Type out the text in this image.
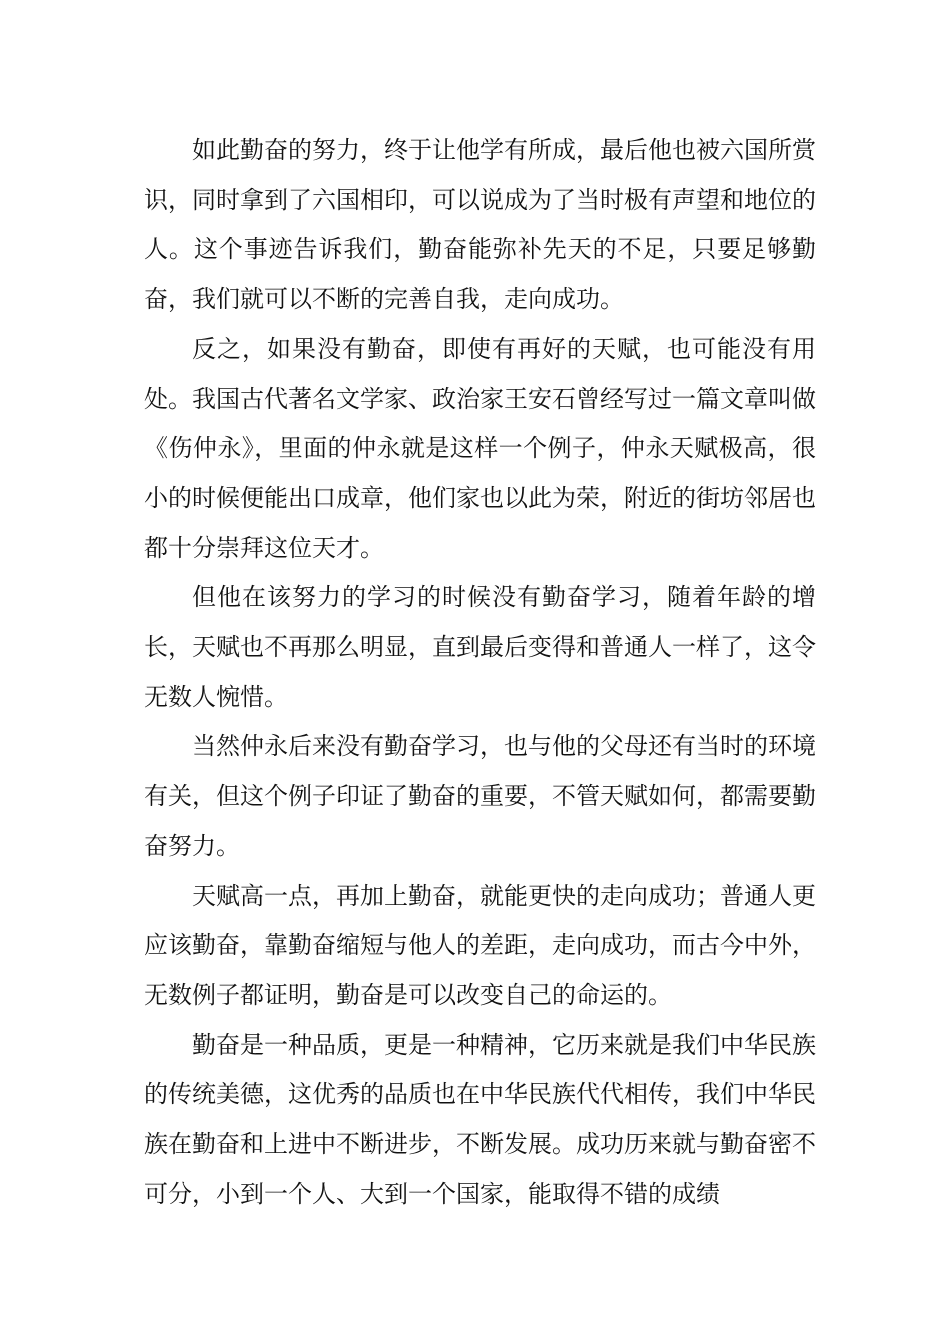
如此勤奋的努力，终于让他学有所成，最后他也被六国所赏识，同时拿到了六国相印，可以说成为了当时极有声望和地位的人。这个事迹告诉我们，勤奋能弥补先天的不足，只要足够勤奋，我们就可以不断的完善自我，走向成功。

反之，如果没有勤奋，即使有再好的天赋，也可能没有用处。我国古代著名文学家、政治家王安石曾经写过一篇文章叫做《伤仲永》，里面的仲永就是这样一个例子，仲永天赋极高，很小的时候便能出口成章，他们家也以此为荣，附近的街坊邻居也都十分崇拜这位天才。

但他在该努力的学习的时候没有勤奋学习，随着年龄的增长，天赋也不再那么明显，直到最后变得和普通人一样了，这令无数人惋惜。

当然仲永后来没有勤奋学习，也与他的父母还有当时的环境有关，但这个例子印证了勤奋的重要，不管天赋如何，都需要勤奋努力。

天赋高一点，再加上勤奋，就能更快的走向成功；普通人更应该勤奋，靠勤奋缩短与他人的差距，走向成功，而古今中外，无数例子都证明，勤奋是可以改变自己的命运的。

勤奋是一种品质，更是一种精神，它历来就是我们中华民族的传统美德，这优秀的品质也在中华民族代代相传，我们中华民族在勤奋和上进中不断进步，不断发展。成功历来就与勤奋密不可分，小到一个人、大到一个国家，能取得不错的成绩
